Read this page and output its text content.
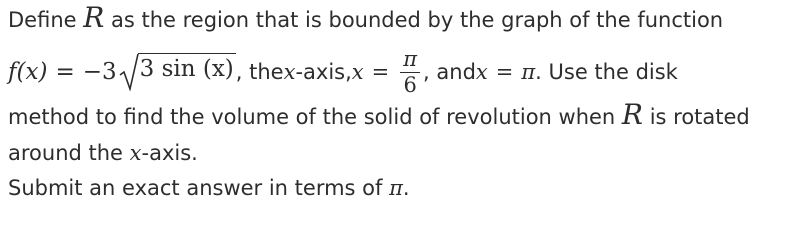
Define R as the region that is bounded by the graph of the function
f(x) = −3 3 sin (x) , the x -axis, $x = \frac{\pi}{6}$ , and x = π . Use the disk
method to find the volume of the solid of revolution when R is rotated
around the x-axis.
Submit an exact answer in terms of π.
